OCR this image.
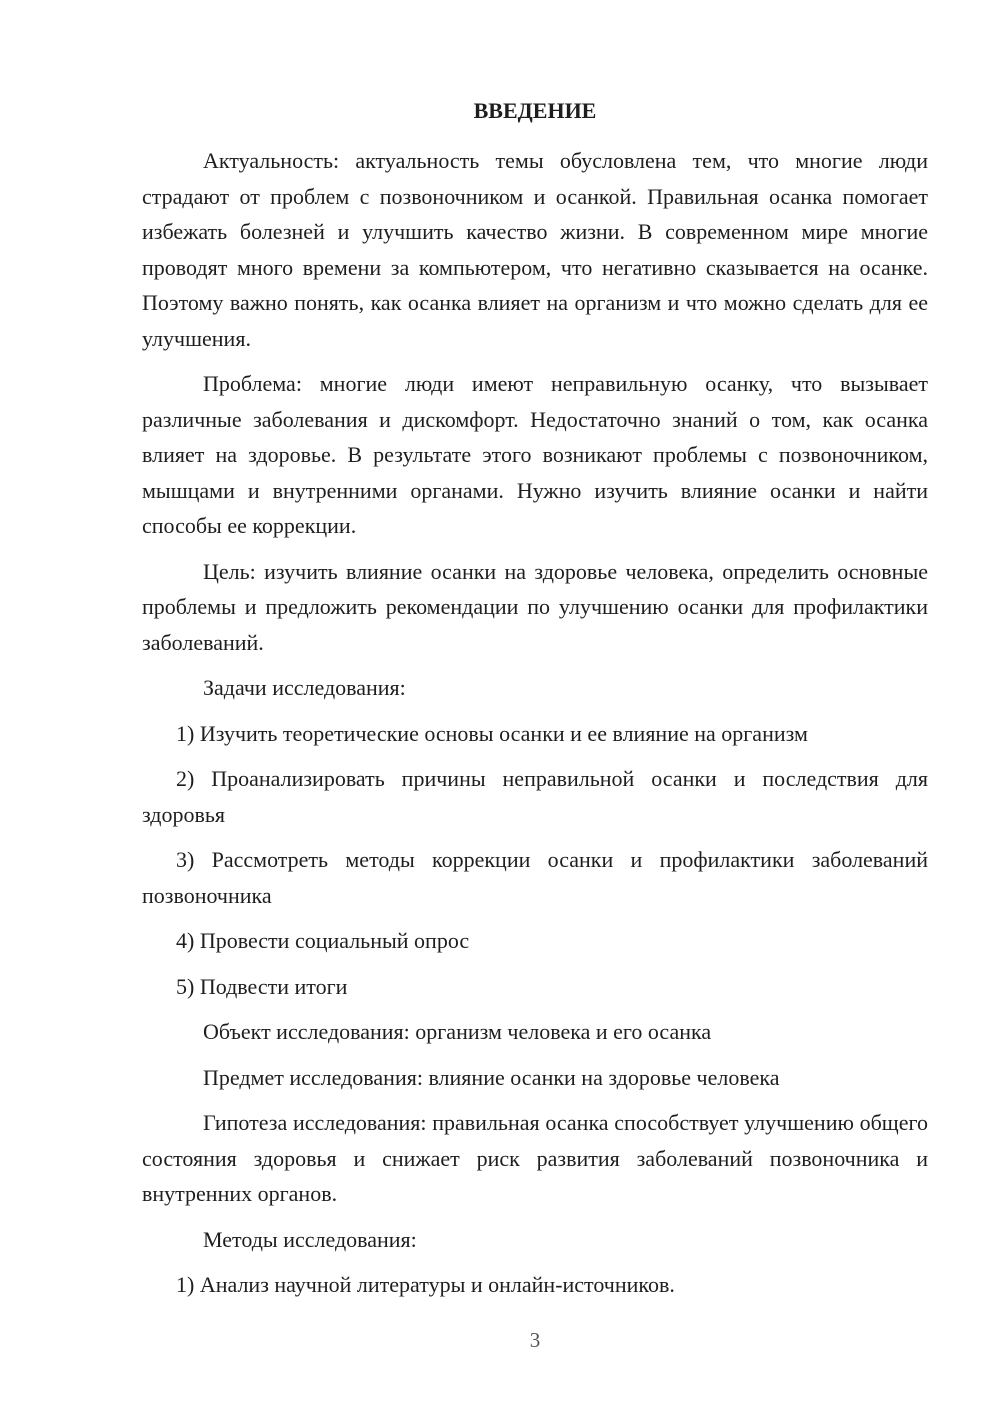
ВВЕДЕНИЕ

Актуальность: актуальность темы обусловлена тем, что многие люди страдают от проблем с позвоночником и осанкой. Правильная осанка помогает избежать болезней и улучшить качество жизни. В современном мире многие проводят много времени за компьютером, что негативно сказывается на осанке. Поэтому важно понять, как осанка влияет на организм и что можно сделать для ее улучшения.

Проблема: многие люди имеют неправильную осанку, что вызывает различные заболевания и дискомфорт. Недостаточно знаний о том, как осанка влияет на здоровье. В результате этого возникают проблемы с позвоночником, мышцами и внутренними органами. Нужно изучить влияние осанки и найти способы ее коррекции.

Цель: изучить влияние осанки на здоровье человека, определить основные проблемы и предложить рекомендации по улучшению осанки для профилактики заболеваний.

Задачи исследования:

1) Изучить теоретические основы осанки и ее влияние на организм

2) Проанализировать причины неправильной осанки и последствия для здоровья

3) Рассмотреть методы коррекции осанки и профилактики заболеваний позвоночника

4) Провести социальный опрос

5) Подвести итоги

Объект исследования: организм человека и его осанка

Предмет исследования: влияние осанки на здоровье человека

Гипотеза исследования: правильная осанка способствует улучшению общего состояния здоровья и снижает риск развития заболеваний позвоночника и внутренних органов.

Методы исследования:

1) Анализ научной литературы и онлайн-источников.

3
